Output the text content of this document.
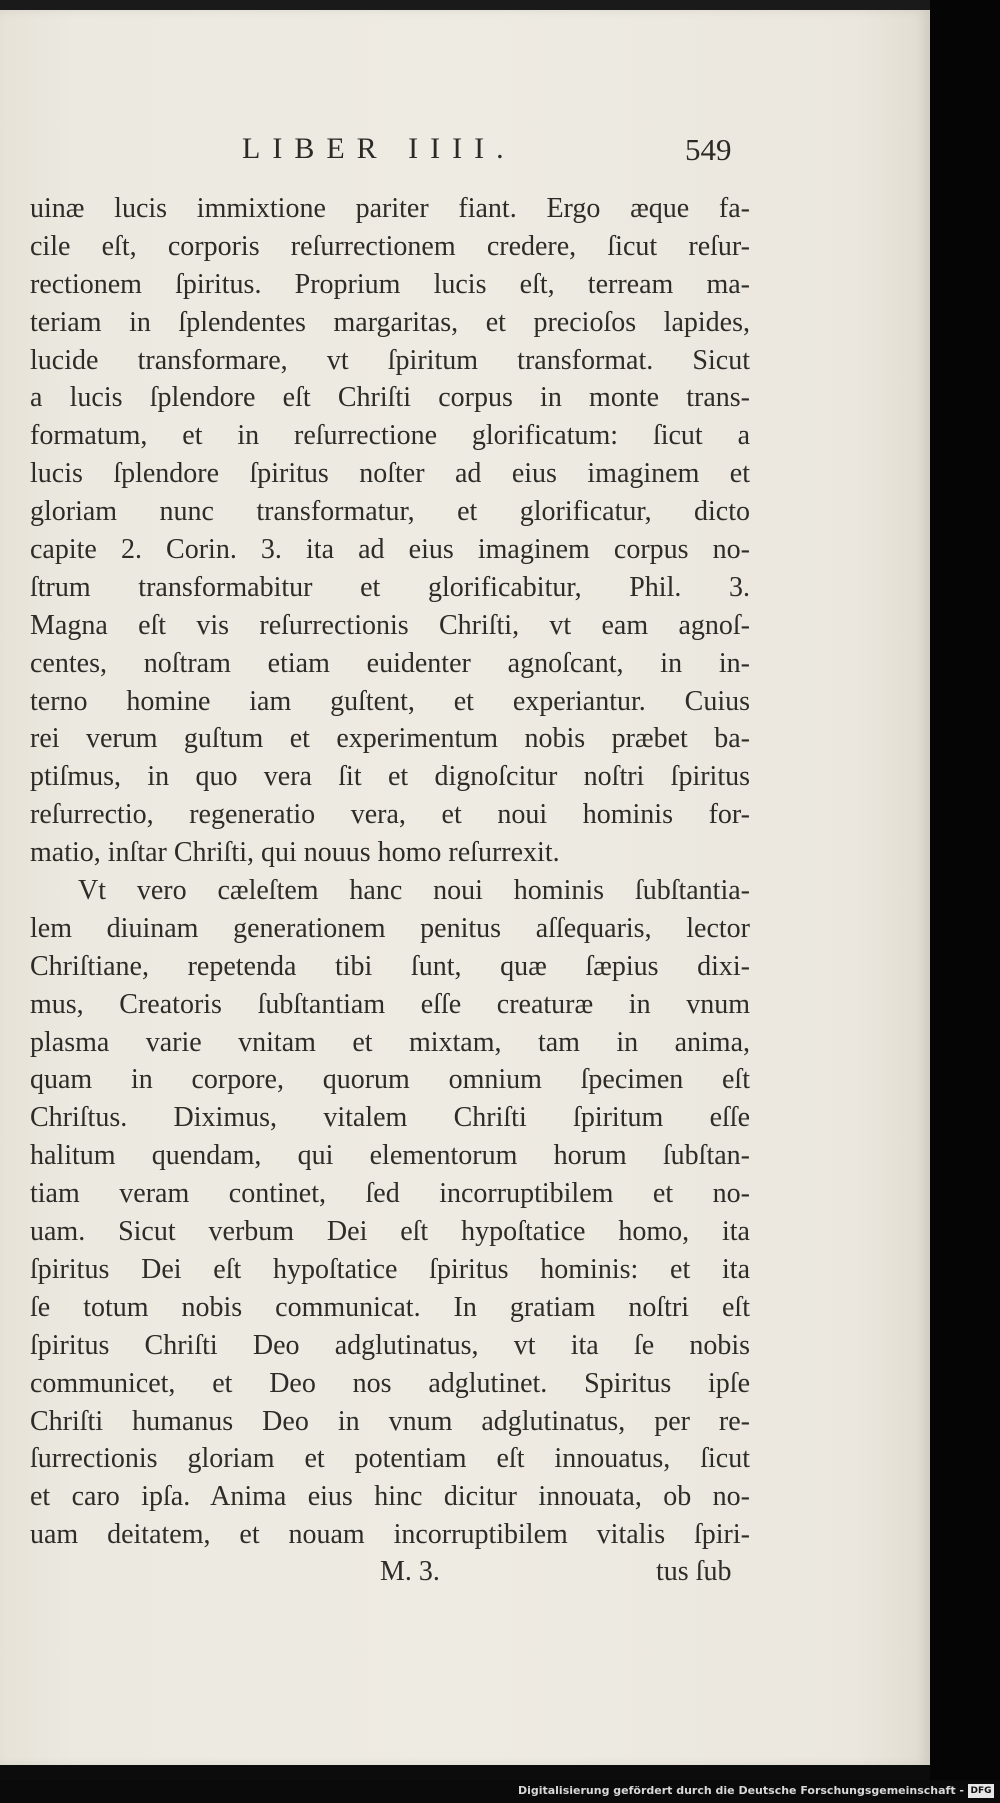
LIBER IIII.	549
uinæ lucis immixtione pariter fiant. Ergo æque fa-
cile eſt, corporis reſurrectionem credere, ſicut reſur-
rectionem ſpiritus. Proprium lucis eſt, terream ma-
teriam in ſplendentes margaritas, et precioſos lapides,
lucide transformare, vt ſpiritum transformat. Sicut
a lucis ſplendore eſt Chriſti corpus in monte trans-
formatum, et in reſurrectione glorificatum: ſicut a
lucis ſplendore ſpiritus noſter ad eius imaginem et
gloriam nunc transformatur, et glorificatur, dicto
capite 2. Corin. 3. ita ad eius imaginem corpus no-
ſtrum transformabitur et glorificabitur, Phil. 3.
Magna eſt vis reſurrectionis Chriſti, vt eam agnoſ-
centes, noſtram etiam euidenter agnoſcant, in in-
terno homine iam guſtent, et experiantur. Cuius
rei verum guſtum et experimentum nobis præbet ba-
ptiſmus, in quo vera ſit et dignoſcitur noſtri ſpiritus
reſurrectio, regeneratio vera, et noui hominis for-
matio, inſtar Chriſti, qui nouus homo reſurrexit.
Vt vero cæleſtem hanc noui hominis ſubſtantia-
lem diuinam generationem penitus aſſequaris, lector
Chriſtiane, repetenda tibi ſunt, quæ ſæpius dixi-
mus, Creatoris ſubſtantiam eſſe creaturæ in vnum
plasma varie vnitam et mixtam, tam in anima,
quam in corpore, quorum omnium ſpecimen eſt
Chriſtus. Diximus, vitalem Chriſti ſpiritum eſſe
halitum quendam, qui elementorum horum ſubſtan-
tiam veram continet, ſed incorruptibilem et no-
uam. Sicut verbum Dei eſt hypoſtatice homo, ita
ſpiritus Dei eſt hypoſtatice ſpiritus hominis: et ita
ſe totum nobis communicat. In gratiam noſtri eſt
ſpiritus Chriſti Deo adglutinatus, vt ita ſe nobis
communicet, et Deo nos adglutinet. Spiritus ipſe
Chriſti humanus Deo in vnum adglutinatus, per re-
ſurrectionis gloriam et potentiam eſt innouatus, ſicut
et caro ipſa. Anima eius hinc dicitur innouata, ob no-
uam deitatem, et nouam incorruptibilem vitalis ſpiri-
M. 3.	tus ſub
Digitalisierung gefördert durch die Deutsche Forschungsgemeinschaft - DFG
